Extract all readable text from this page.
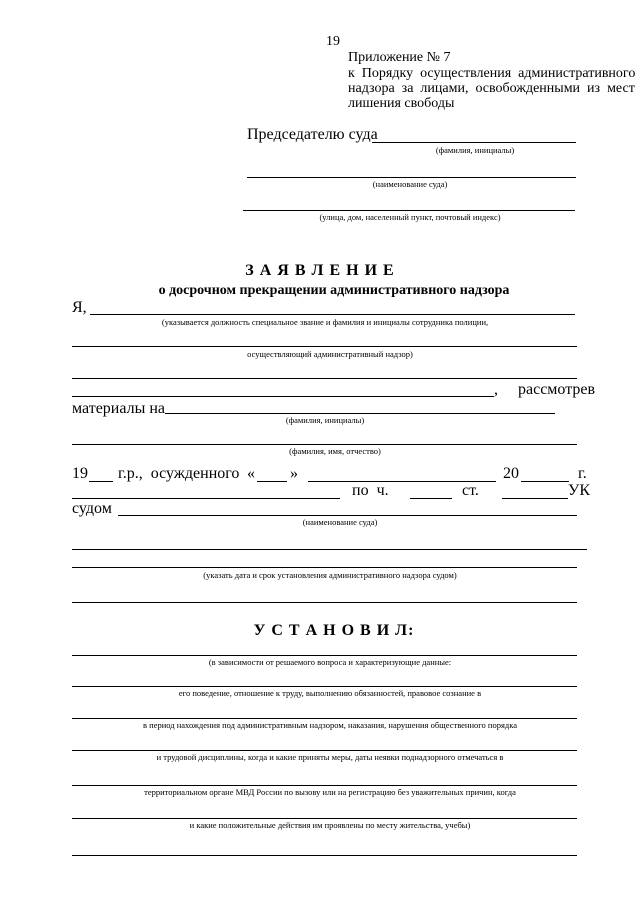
19
Приложение № 7
к  Порядку  осуществления  административного
надзора  за  лицами,  освобожденными  из  мест
лишения свободы
Председателю суда
(фамилия, инициалы)
(наименование суда)
(улица, дом, населенный пункт, почтовый индекс)
З А Я В Л Е Н И Е
о досрочном прекращении административного надзора
Я,
(указывается должность специальное звание и фамилия и инициалы сотрудника полиции,
осуществляющий административный надзор)
, рассмотрев
материалы на
(фамилия, инициалы)
(фамилия, имя, отчество)
19 г.р.,  осужденного « »	20	г.
по  ч.	ст.	УК
судом
(наименование суда)
(указать дата и срок установления административного надзора судом)
У С Т А Н О В И Л:
(в зависимости от решаемого вопроса и характеризующие данные:
его поведение, отношение к труду, выполнению обязанностей, правовое сознание в
в период нахождения под административным надзором, наказания, нарушения общественного порядка
и трудовой дисциплины, когда и какие приняты меры, даты неявки поднадзорного отмечаться в
территориальном органе МВД России по вызову или на регистрацию без уважительных причин, когда
и какие положительные действия им проявлены по месту жительства, учебы)
